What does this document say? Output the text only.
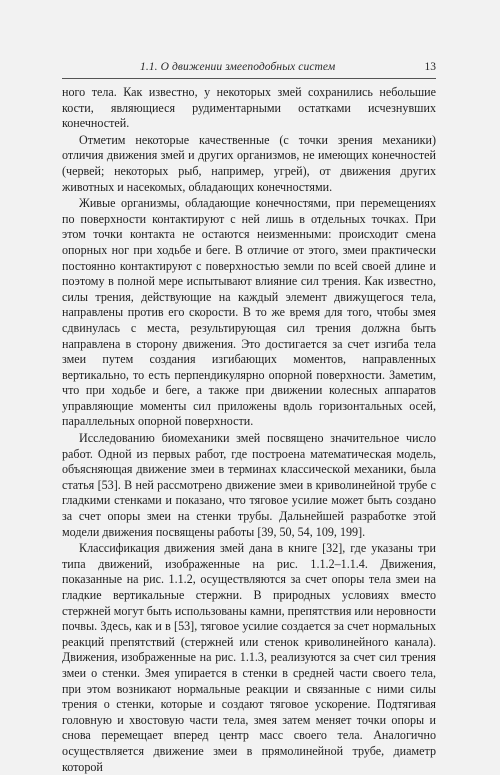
1.1. О движении змееподобных систем	13

ного тела. Как известно, у некоторых змей сохранились небольшие кости, являющиеся рудиментарными остатками исчезнувших конечностей.

Отметим некоторые качественные (с точки зрения механики) отличия движения змей и других организмов, не имеющих конечностей (червей; некоторых рыб, например, угрей), от движения других животных и насекомых, обладающих конечностями.

Живые организмы, обладающие конечностями, при перемещениях по поверхности контактируют с ней лишь в отдельных точках. При этом точки контакта не остаются неизменными: происходит смена опорных ног при ходьбе и беге. В отличие от этого, змеи практически постоянно контактируют с поверхностью земли по всей своей длине и поэтому в полной мере испытывают влияние сил трения. Как известно, силы трения, действующие на каждый элемент движущегося тела, направлены против его скорости. В то же время для того, чтобы змея сдвинулась с места, результирующая сил трения должна быть направлена в сторону движения. Это достигается за счет изгиба тела змеи путем создания изгибающих моментов, направленных вертикально, то есть перпендикулярно опорной поверхности. Заметим, что при ходьбе и беге, а также при движении колесных аппаратов управляющие моменты сил приложены вдоль горизонтальных осей, параллельных опорной поверхности.

Исследованию биомеханики змей посвящено значительное число работ. Одной из первых работ, где построена математическая модель, объясняющая движение змеи в терминах классической механики, была статья [53]. В ней рассмотрено движение змеи в криволинейной трубе с гладкими стенками и показано, что тяговое усилие может быть создано за счет опоры змеи на стенки трубы. Дальнейшей разработке этой модели движения посвящены работы [39, 50, 54, 109, 199].

Классификация движения змей дана в книге [32], где указаны три типа движений, изображенные на рис. 1.1.2–1.1.4. Движения, показанные на рис. 1.1.2, осуществляются за счет опоры тела змеи на гладкие вертикальные стержни. В природных условиях вместо стержней могут быть использованы камни, препятствия или неровности почвы. Здесь, как и в [53], тяговое усилие создается за счет нормальных реакций препятствий (стержней или стенок криволинейного канала). Движения, изображенные на рис. 1.1.3, реализуются за счет сил трения змеи о стенки. Змея упирается в стенки в средней части своего тела, при этом возникают нормальные реакции и связанные с ними силы трения о стенки, которые и создают тяговое ускорение. Подтягивая головную и хвостовую части тела, змея затем меняет точки опоры и снова перемещает вперед центр масс своего тела. Аналогично осуществляется движение змеи в прямолинейной трубе, диаметр которой
